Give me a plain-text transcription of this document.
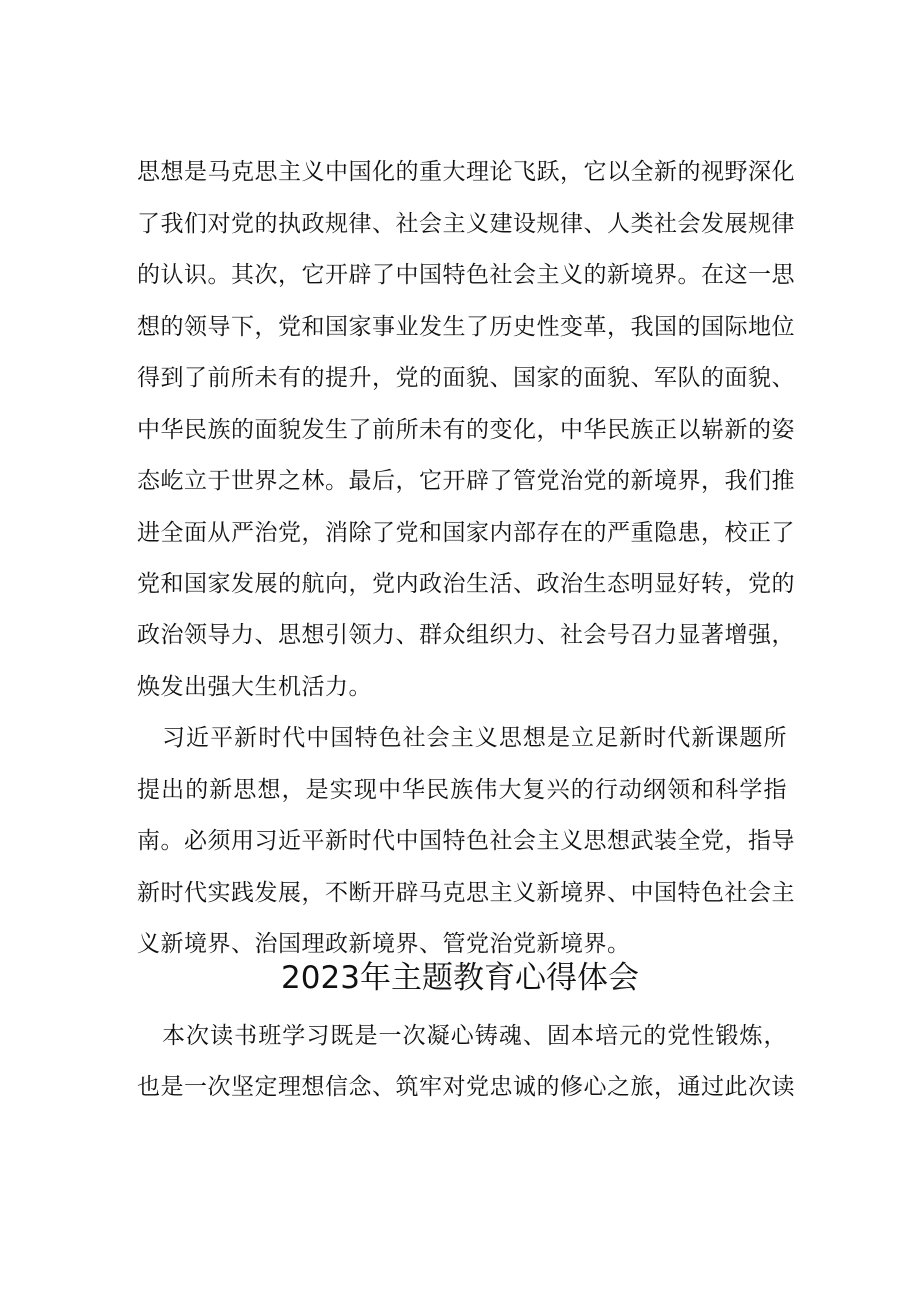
思想是马克思主义中国化的重大理论飞跃，它以全新的视野深化
了我们对党的执政规律、社会主义建设规律、人类社会发展规律
的认识。其次，它开辟了中国特色社会主义的新境界。在这一思
想的领导下，党和国家事业发生了历史性变革，我国的国际地位
得到了前所未有的提升，党的面貌、国家的面貌、军队的面貌、
中华民族的面貌发生了前所未有的变化，中华民族正以崭新的姿
态屹立于世界之林。最后，它开辟了管党治党的新境界，我们推
进全面从严治党，消除了党和国家内部存在的严重隐患，校正了
党和国家发展的航向，党内政治生活、政治生态明显好转，党的
政治领导力、思想引领力、群众组织力、社会号召力显著增强，
焕发出强大生机活力。
习近平新时代中国特色社会主义思想是立足新时代新课题所
提出的新思想，是实现中华民族伟大复兴的行动纲领和科学指
南。必须用习近平新时代中国特色社会主义思想武装全党，指导
新时代实践发展，不断开辟马克思主义新境界、中国特色社会主
义新境界、治国理政新境界、管党治党新境界。
2023年主题教育心得体会
本次读书班学习既是一次凝心铸魂、固本培元的党性锻炼，
也是一次坚定理想信念、筑牢对党忠诚的修心之旅，通过此次读
